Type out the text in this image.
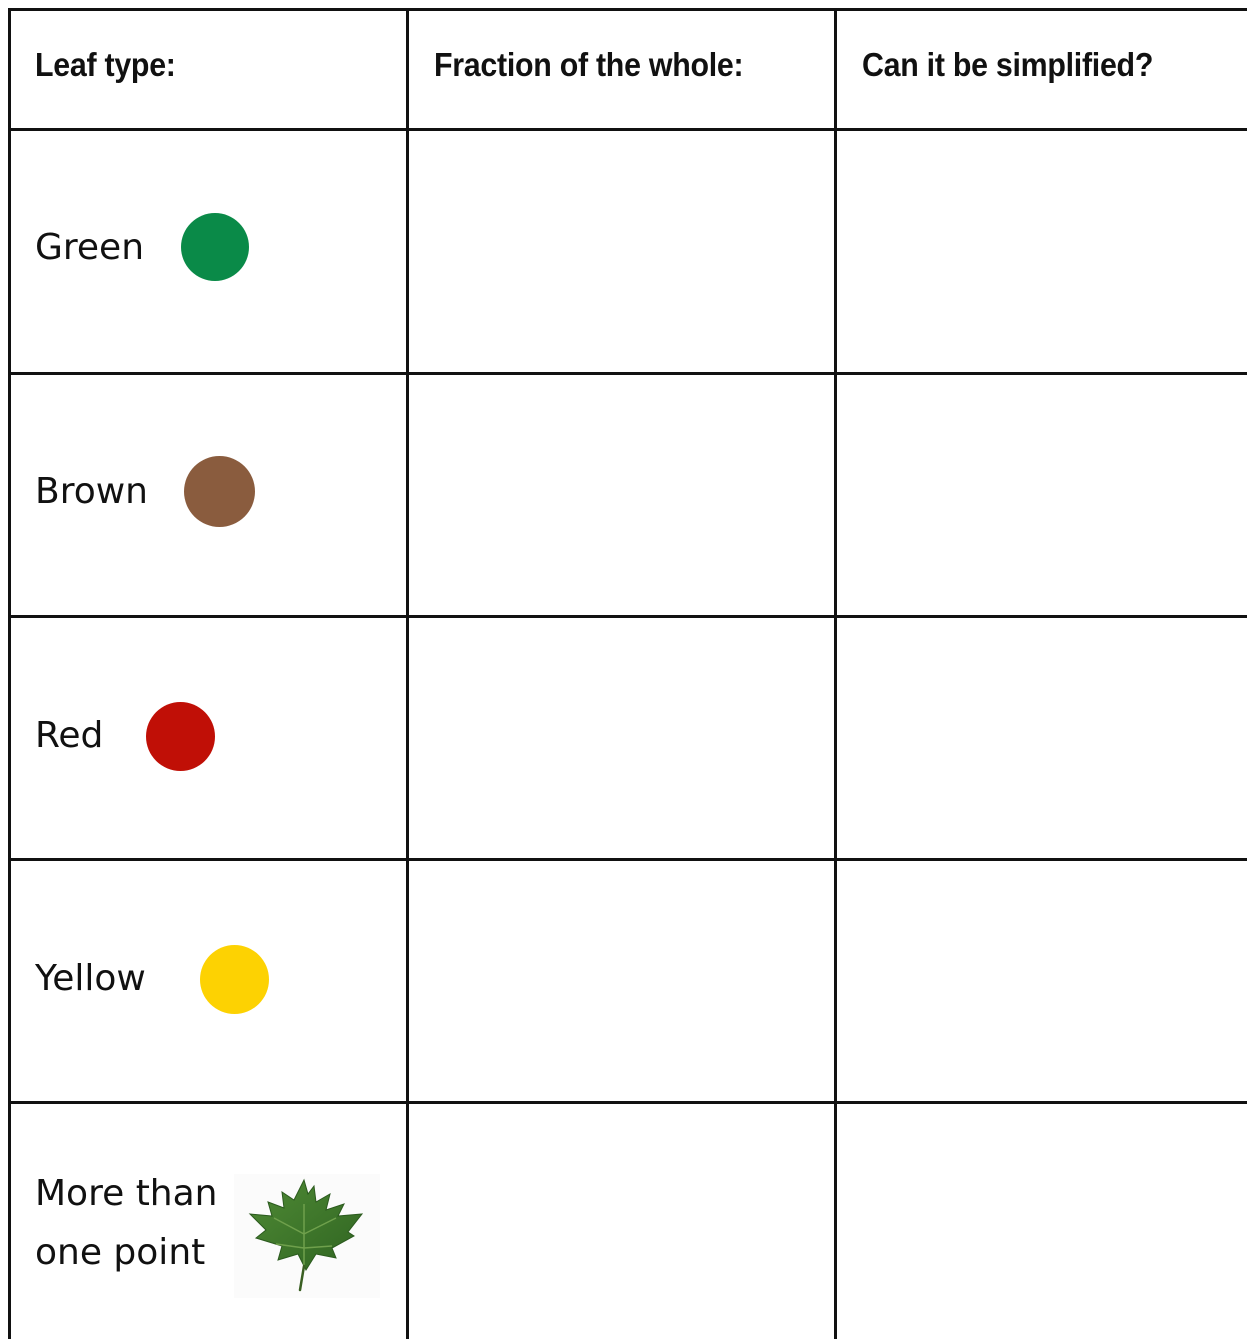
Leaf type:	Fraction of the whole:	Can it be simplified?
Green
Brown
Red
Yellow
More than
one point
